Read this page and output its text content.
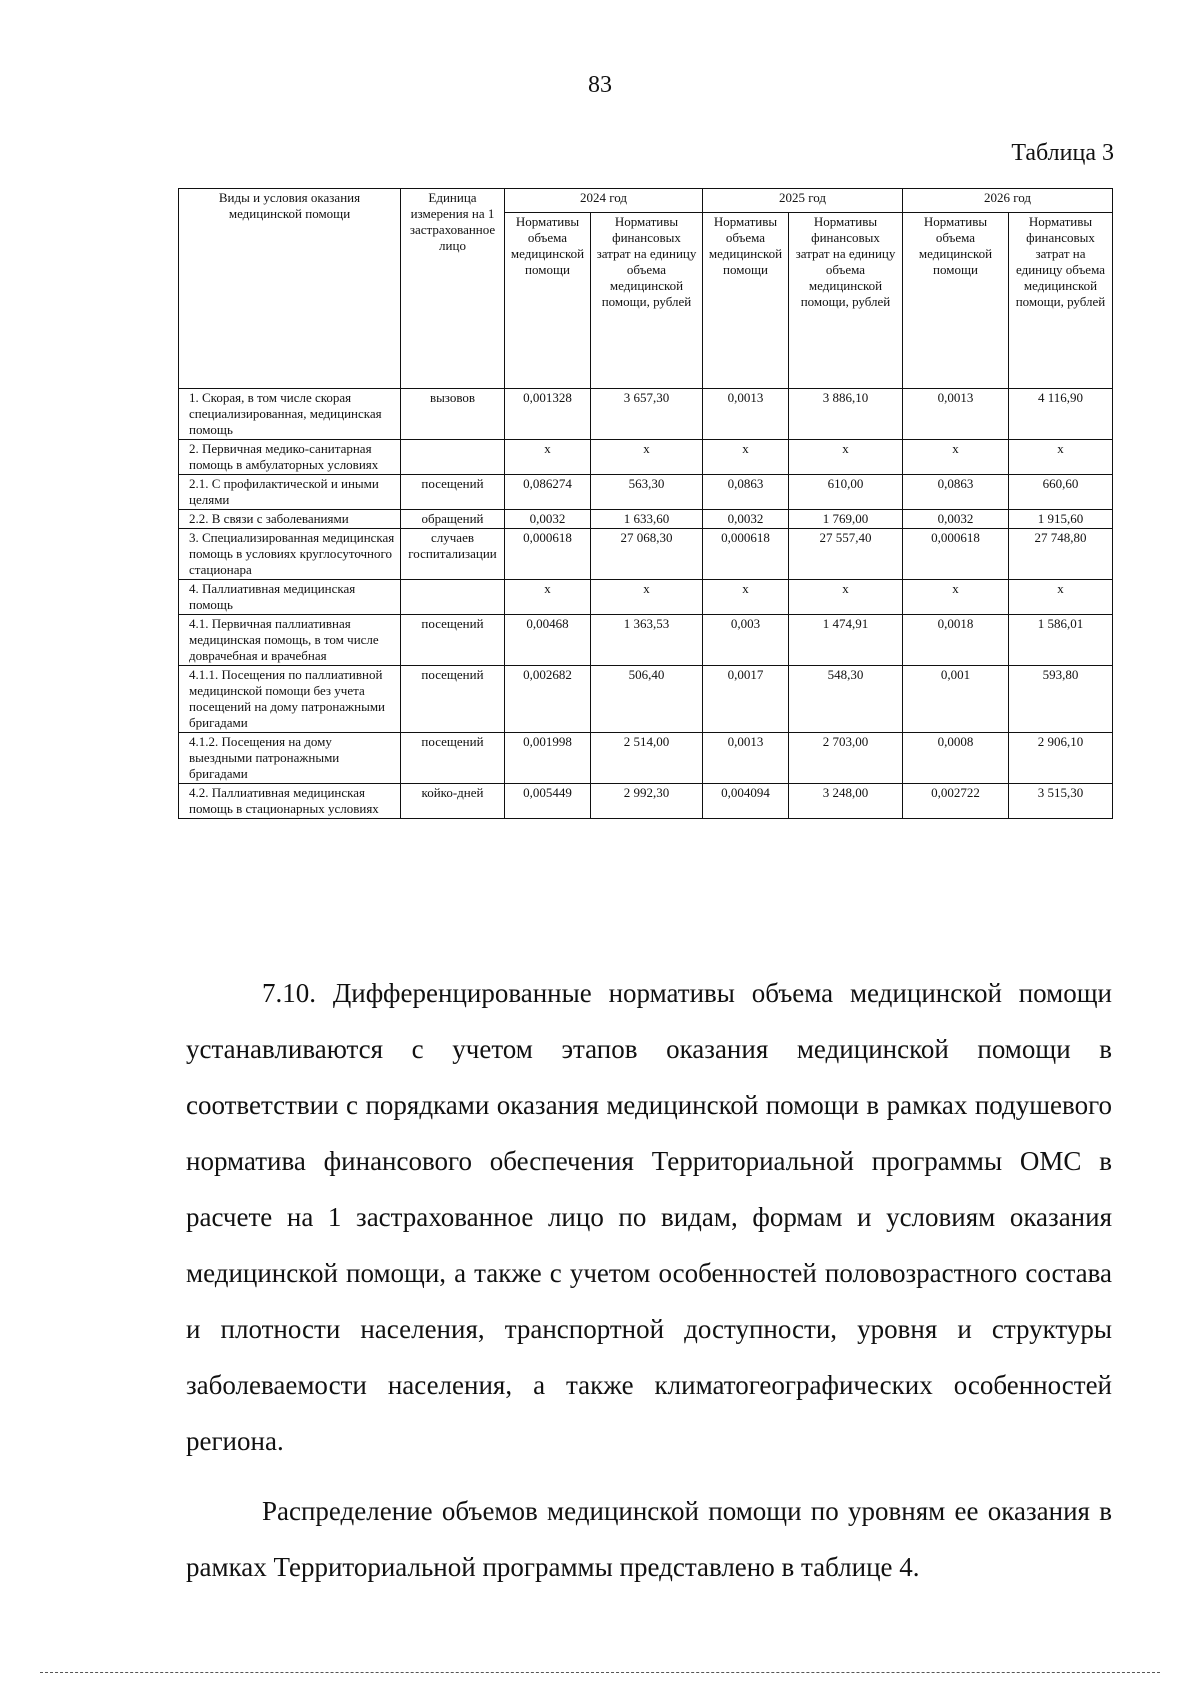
83
Таблица 3
Виды и условия оказания медицинской помощи	Единица измерения на 1 застрахованное лицо	2024 год		2025 год		2026 год	
		Нормативы объема медицинской помощи	Нормативы финансовых затрат на единицу объема медицинской помощи, рублей	Нормативы объема медицинской помощи	Нормативы финансовых затрат на единицу объема медицинской помощи, рублей	Нормативы объема медицинской помощи	Нормативы финансовых затрат на единицу объема медицинской помощи, рублей
1. Скорая, в том числе скорая специализированная, медицинская помощь	вызовов	0,001328	3 657,30	0,0013	3 886,10	0,0013	4 116,90
2. Первичная медико-санитарная помощь в амбулаторных условиях		х	х	х	х	х	х
2.1. С профилактической и иными целями	посещений	0,086274	563,30	0,0863	610,00	0,0863	660,60
2.2. В связи с заболеваниями	обращений	0,0032	1 633,60	0,0032	1 769,00	0,0032	1 915,60
3. Специализированная медицинская помощь в условиях круглосуточного стационара	случаев госпитализации	0,000618	27 068,30	0,000618	27 557,40	0,000618	27 748,80
4. Паллиативная медицинская помощь		х	х	х	х	х	х
4.1. Первичная паллиативная медицинская помощь, в том числе доврачебная и врачебная	посещений	0,00468	1 363,53	0,003	1 474,91	0,0018	1 586,01
4.1.1. Посещения по паллиативной медицинской помощи без учета посещений на дому патронажными бригадами	посещений	0,002682	506,40	0,0017	548,30	0,001	593,80
4.1.2. Посещения на дому выездными патронажными бригадами	посещений	0,001998	2 514,00	0,0013	2 703,00	0,0008	2 906,10
4.2. Паллиативная медицинская помощь в стационарных условиях	койко-дней	0,005449	2 992,30	0,004094	3 248,00	0,002722	3 515,30

7.10. Дифференцированные нормативы объема медицинской помощи устанавливаются с учетом этапов оказания медицинской помощи в соответствии с порядками оказания медицинской помощи в рамках подушевого норматива финансового обеспечения Территориальной программы ОМС в расчете на 1 застрахованное лицо по видам, формам и условиям оказания медицинской помощи, а также с учетом особенностей половозрастного состава и плотности населения, транспортной доступности, уровня и структуры заболеваемости населения, а также климатогеографических особенностей региона.

Распределение объемов медицинской помощи по уровням ее оказания в рамках Территориальной программы представлено в таблице 4.
